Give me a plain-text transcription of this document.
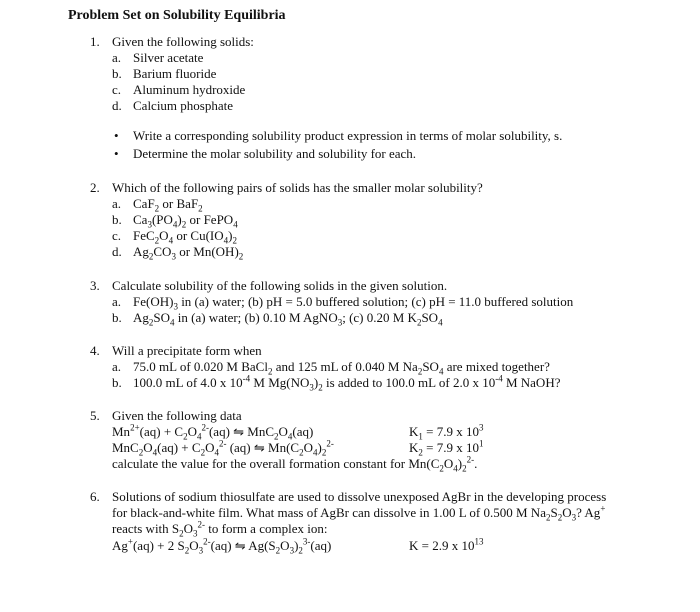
Problem Set on Solubility Equilibria
1. Given the following solids:
a. Silver acetate
b. Barium fluoride
c. Aluminum hydroxide
d. Calcium phosphate
• Write a corresponding solubility product expression in terms of molar solubility, s.
• Determine the molar solubility and solubility for each.
2. Which of the following pairs of solids has the smaller molar solubility?
a. CaF$_2$ or BaF$_2$
b. $Ca_3(PO_4)_2$ or FePO$_4$
c. $FeC_2O_4$ or $Cu(IO_4)_2$
d. $Ag_2CO_3$ or $Mn(OH)_2$
3. Calculate solubility of the following solids in the given solution.
a. $Fe(OH)_3$ in (a) water; (b) pH = 5.0 buffered solution; (c) pH = 11.0 buffered solution
b. $Ag_2SO_4$ in (a) water; (b) 0.10 M AgNO$_3$; (c) 0.20 M $K_2SO_4$
4. Will a precipitate form when
a. 75.0 mL of 0.020 M BaCl$_2$ and 125 mL of 0.040 M $Na_2SO_4$ are mixed together?
b. 100.0 mL of 4.0 x $10^{-4}$ M $Mg(NO_3)_2$ is added to 100.0 mL of 2.0 x $10^{-4}$ M NaOH?
5. Given the following data
$Mn^{2+}(aq) + C_2O_4^{2-}(aq)$ ⇋ $MnC_2O_4(aq)$	$K_1 = 7.9$ x $10^3$
$MnC_2O_4(aq) + C_2O_4^{2-}$ (aq) ⇋ $Mn(C_2O_4)_2^{2-}$	$K_2 = 7.9$ x $10^1$
calculate the value for the overall formation constant for $Mn(C_2O_4)_2^{2-}$.
6. Solutions of sodium thiosulfate are used to dissolve unexposed AgBr in the developing process
for black-and-white film. What mass of AgBr can dissolve in 1.00 L of 0.500 M $Na_2S_2O_3$? Ag+
reacts with $S_2O_3^{2-}$ to form a complex ion:
Ag+(aq) + 2 $S_2O_3^{2-}(aq)$ ⇋ $Ag(S_2O_3)_2^{3-}(aq)$	K = 2.9 x $10^{13}$
